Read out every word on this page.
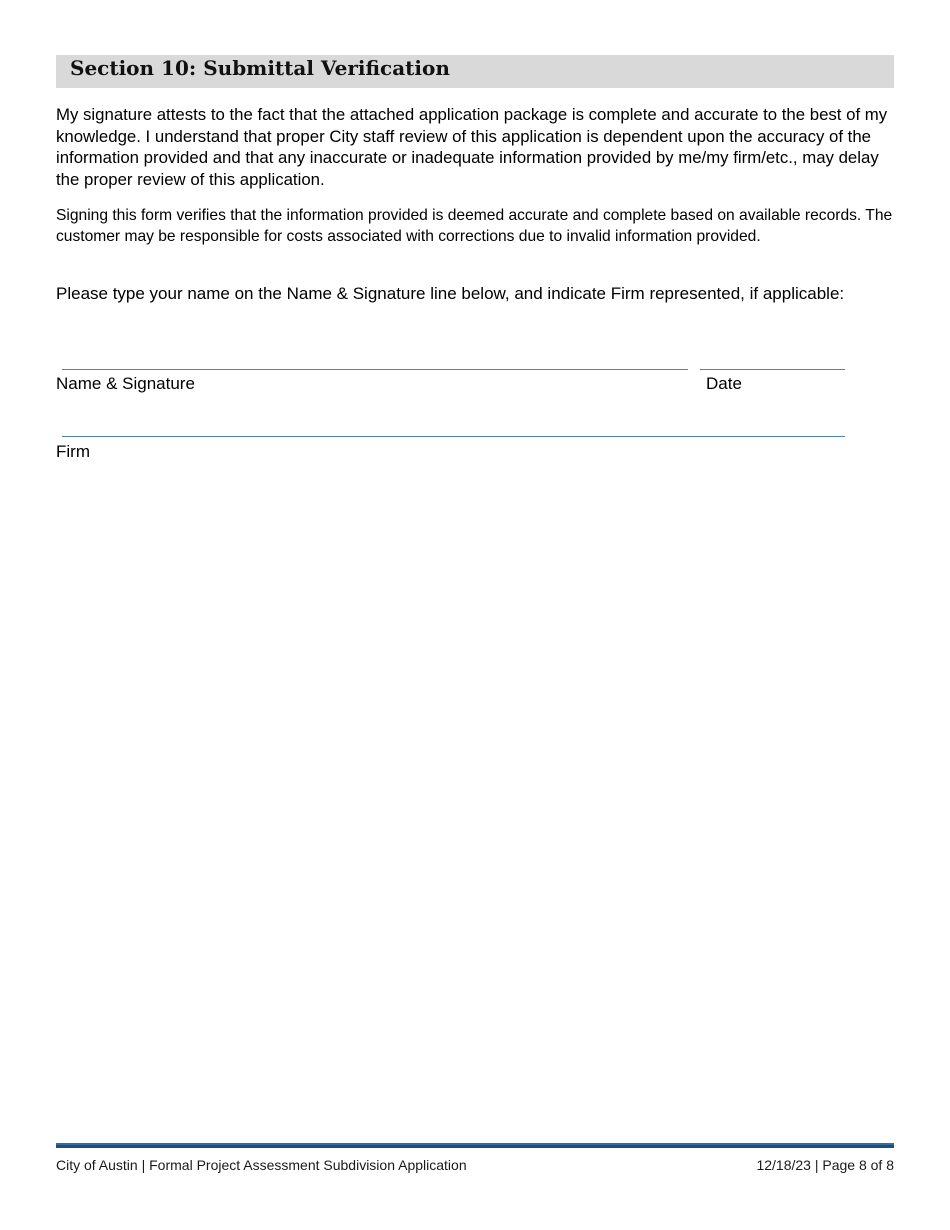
Section 10: Submittal Verification

My signature attests to the fact that the attached application package is complete and accurate to the best of my knowledge. I understand that proper City staff review of this application is dependent upon the accuracy of the information provided and that any inaccurate or inadequate information provided by me/my firm/etc., may delay the proper review of this application.

Signing this form verifies that the information provided is deemed accurate and complete based on available records. The customer may be responsible for costs associated with corrections due to invalid information provided.

Please type your name on the Name & Signature line below, and indicate Firm represented, if applicable:

Name & Signature	Date
Firm
City of Austin | Formal Project Assessment Subdivision Application	12/18/23 | Page 8 of 8
